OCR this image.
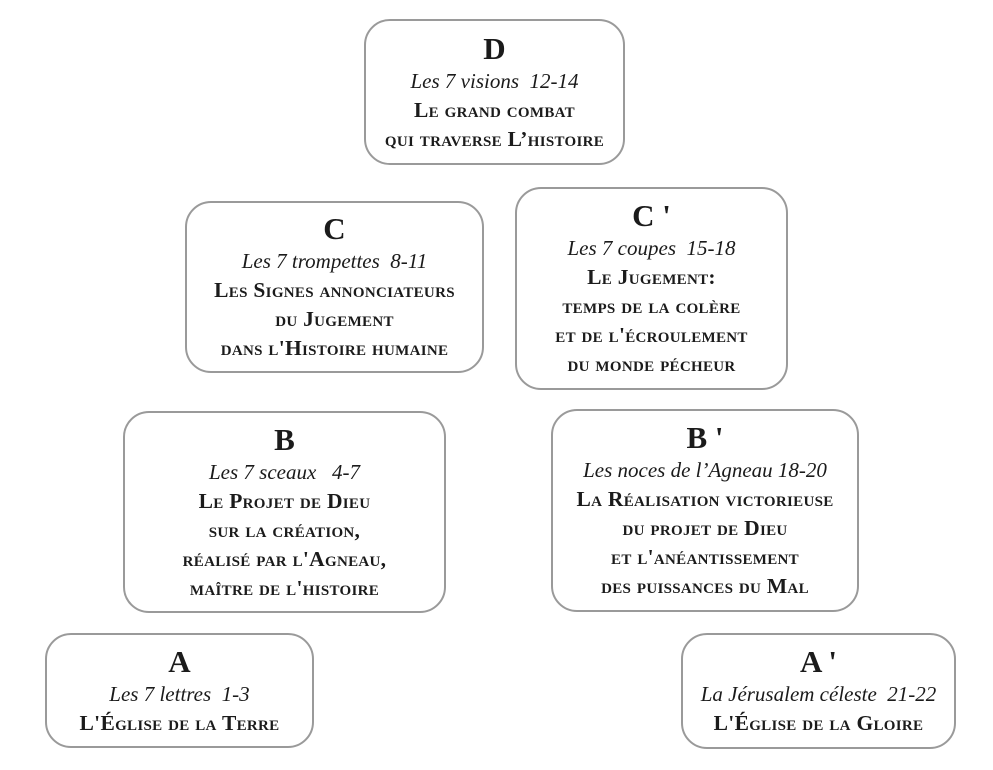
D
Les 7 visions  12-14
Le grand combat
qui traverse L’histoire
C
Les 7 trompettes  8-11
Les Signes annonciateurs
du Jugement
dans l'Histoire humaine
C '
Les 7 coupes  15-18
Le Jugement:
temps de la colère
et de l'écroulement
du monde pécheur
B
Les 7 sceaux   4-7
Le Projet de Dieu
sur la création,
réalisé par l'Agneau,
maître de l'histoire
B '
Les noces de l’Agneau 18-20
La Réalisation victorieuse
du projet de Dieu
et l'anéantissement
des puissances du Mal
A
Les 7 lettres  1-3
L'Église de la Terre
A '
La Jérusalem céleste  21-22
L'Église de la Gloire
